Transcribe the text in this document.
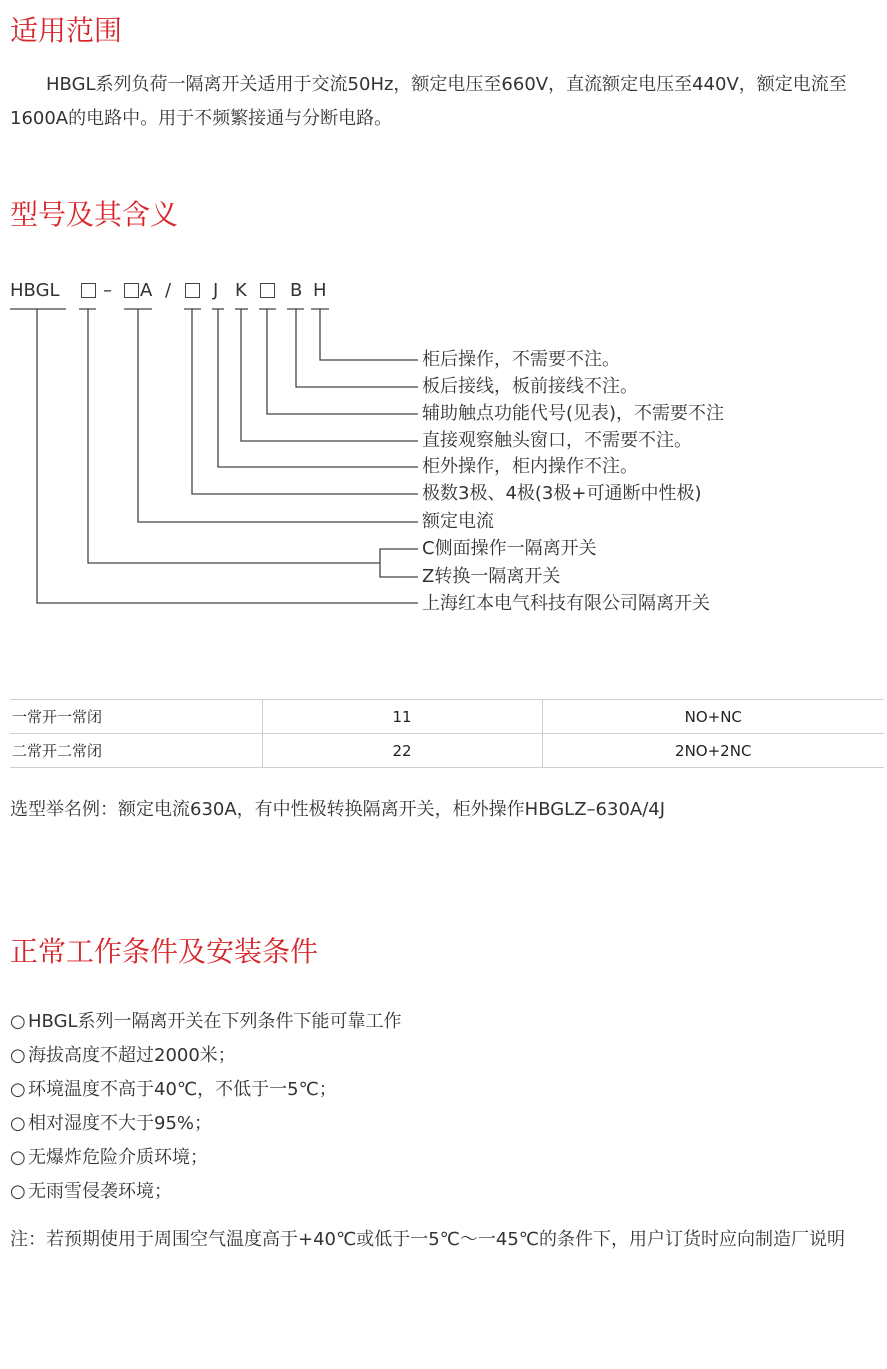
适用范围

　　HBGL系列负荷一隔离开关适用于交流50Hz，额定电压至660V，直流额定电压至440V，额定电流至1600A的电路中。用于不频繁接通与分断电路。

型号及其含义
HBGL – A / J K B H
柜后操作，不需要不注。
板后接线，板前接线不注。
辅助触点功能代号(见表)，不需要不注
直接观察触头窗口，不需要不注。
柜外操作，柜内操作不注。
极数3极、4极(3极+可通断中性极)
额定电流
C侧面操作一隔离开关
Z转换一隔离开关
上海红本电气科技有限公司隔离开关
一常开一常闭	11	NO+NC
二常开二常闭	22	2NO+2NC

选型举名例：额定电流630A，有中性极转换隔离开关，柜外操作HBGLZ–630A/4J

正常工作条件及安装条件
○ HBGL系列一隔离开关在下列条件下能可靠工作
○ 海拔高度不超过2000米；
○ 环境温度不高于40℃，不低于一5℃；
○ 相对湿度不大于95%；
○ 无爆炸危险介质环境；
○ 无雨雪侵袭环境；

注：若预期使用于周围空气温度高于+40℃或低于一5℃～一45℃的条件下，用户订货时应向制造厂说明
